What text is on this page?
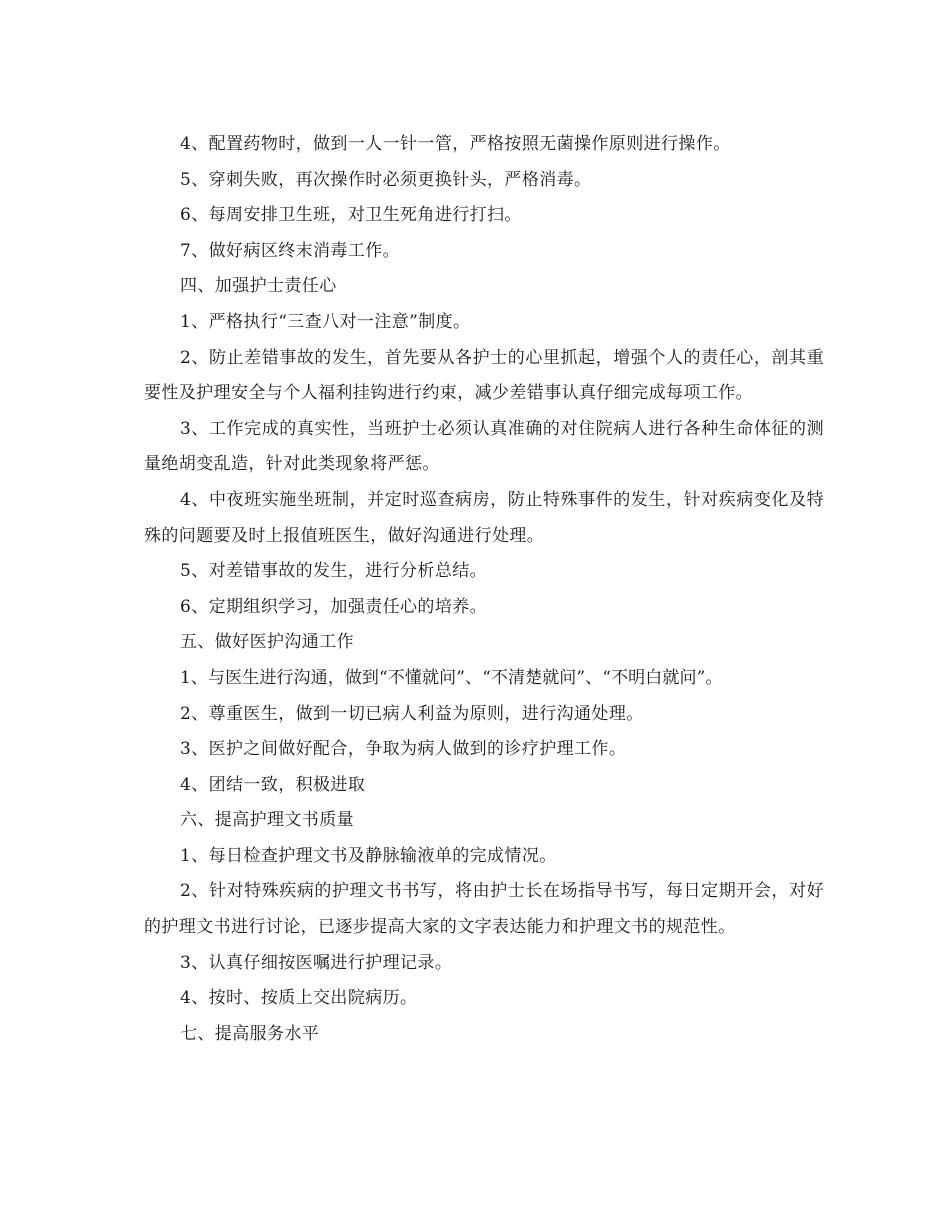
4、配置药物时，做到一人一针一管，严格按照无菌操作原则进行操作。

5、穿刺失败，再次操作时必须更换针头，严格消毒。

6、每周安排卫生班，对卫生死角进行打扫。

7、做好病区终末消毒工作。

四、加强护士责任心

1、严格执行“三查八对一注意”制度。

2、防止差错事故的发生，首先要从各护士的心里抓起，增强个人的责任心，剖其重要性及护理安全与个人福利挂钩进行约束，减少差错事认真仔细完成每项工作。

3、工作完成的真实性，当班护士必须认真准确的对住院病人进行各种生命体征的测量绝胡变乱造，针对此类现象将严惩。

4、中夜班实施坐班制，并定时巡查病房，防止特殊事件的发生，针对疾病变化及特殊的问题要及时上报值班医生，做好沟通进行处理。

5、对差错事故的发生，进行分析总结。

6、定期组织学习，加强责任心的培养。

五、做好医护沟通工作

1、与医生进行沟通，做到“不懂就问”、“不清楚就问”、“不明白就问”。

2、尊重医生，做到一切已病人利益为原则，进行沟通处理。

3、医护之间做好配合，争取为病人做到的诊疗护理工作。

4、团结一致，积极进取

六、提高护理文书质量

1、每日检查护理文书及静脉输液单的完成情况。

2、针对特殊疾病的护理文书书写，将由护士长在场指导书写，每日定期开会，对好的护理文书进行讨论，已逐步提高大家的文字表达能力和护理文书的规范性。

3、认真仔细按医嘱进行护理记录。

4、按时、按质上交出院病历。

七、提高服务水平
